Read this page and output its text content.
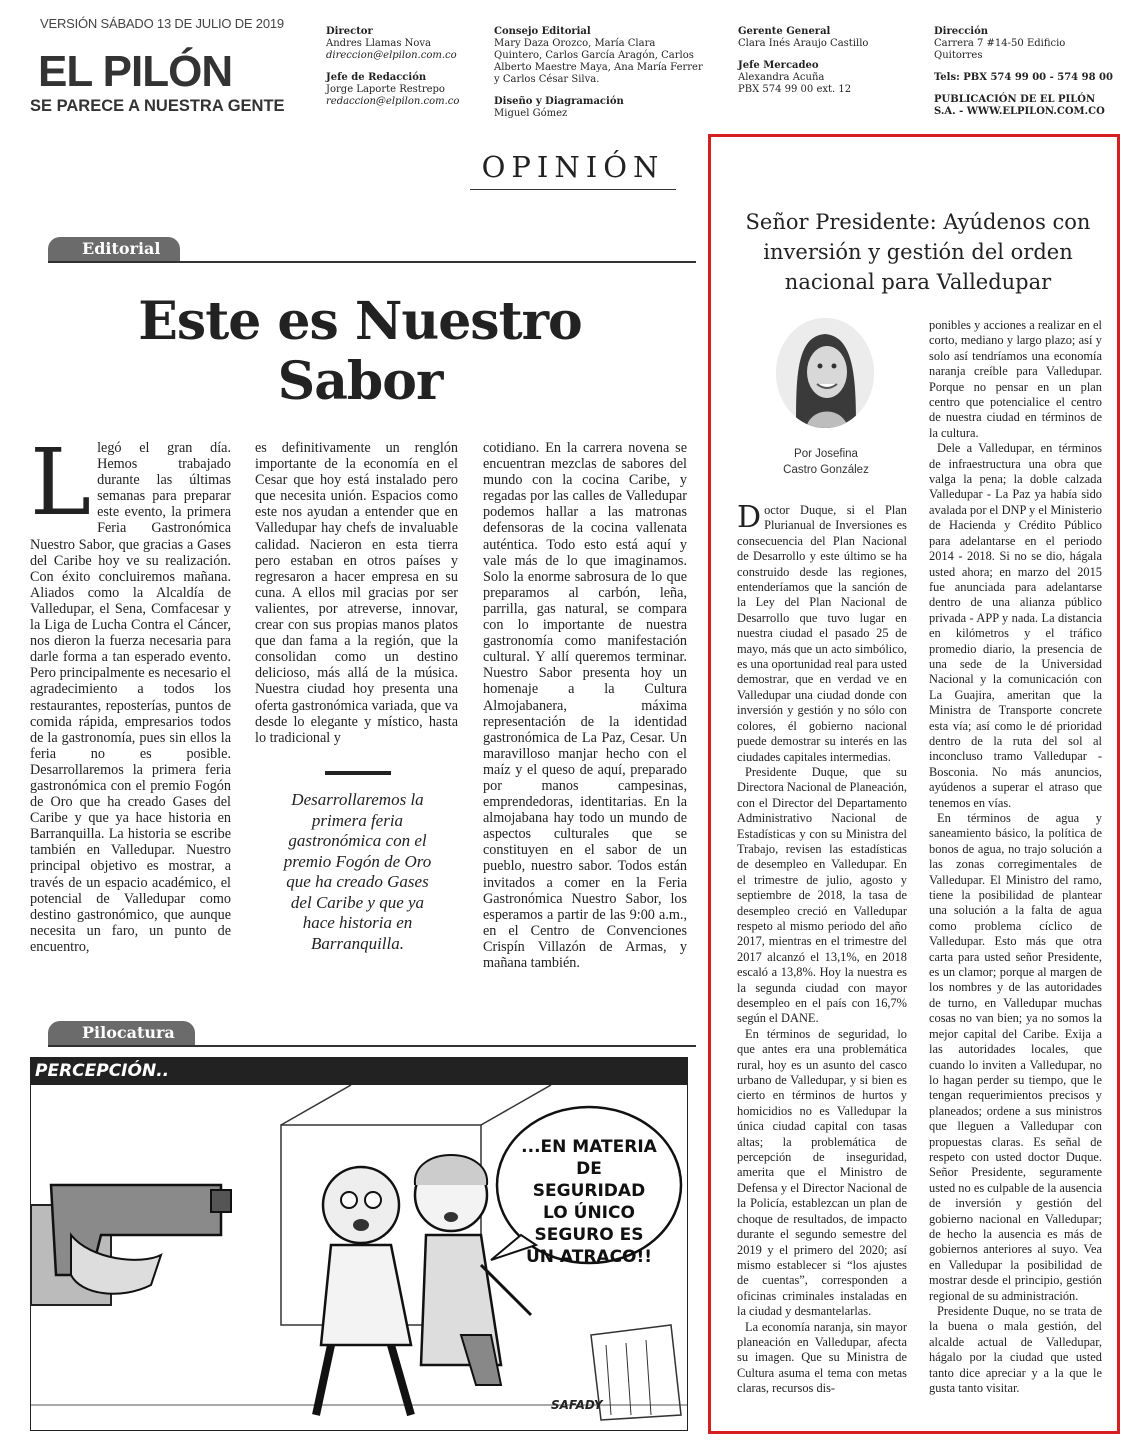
VERSIÓN SÁBADO 13 DE JULIO DE 2019
EL PILÓN
SE PARECE A NUESTRA GENTE
Director
Andres Llamas Nova
direccion@elpilon.com.co
Jefe de Redacción
Jorge Laporte Restrepo
redaccion@elpilon.com.co
Consejo Editorial
Mary Daza Orozco, María Clara Quintero, Carlos García Aragón, Carlos Alberto Maestre Maya, Ana María Ferrer y Carlos César Silva.
Diseño y Diagramación
Miguel Gómez
Gerente General
Clara Inés Araujo Castillo
Jefe Mercadeo
Alexandra Acuña
PBX 574 99 00 ext. 12
Dirección
Carrera 7 #14-50 Edificio Quitorres
Tels: PBX 574 99 00 - 574 98 00
PUBLICACIÓN DE EL PILÓN S.A. - WWW.ELPILON.COM.CO
OPINIÓN
Editorial
Este es Nuestro Sabor
Llegó el gran día. Hemos trabajado durante las últimas semanas para preparar este evento, la primera Feria Gastronómica Nuestro Sabor, que gracias a Gases del Caribe hoy ve su realización. Con éxito concluiremos mañana. Aliados como la Alcaldía de Valledupar, el Sena, Comfacesar y la Liga de Lucha Contra el Cáncer, nos dieron la fuerza necesaria para darle forma a tan esperado evento. Pero principalmente es necesario el agradecimiento a todos los restaurantes, reposterías, puntos de comida rápida, empresarios todos de la gastronomía, pues sin ellos la feria no es posible. Desarrollaremos la primera feria gastronómica con el premio Fogón de Oro que ha creado Gases del Caribe y que ya hace historia en Barranquilla. La historia se escribe también en Valledupar. Nuestro principal objetivo es mostrar, a través de un espacio académico, el potencial de Valledupar como destino gastronómico, que aunque necesita un faro, un punto de encuentro,
es definitivamente un renglón importante de la economía en el Cesar que hoy está instalado pero que necesita unión. Espacios como este nos ayudan a entender que en Valledupar hay chefs de invaluable calidad. Nacieron en esta tierra pero estaban en otros países y regresaron a hacer empresa en su cuna. A ellos mil gracias por ser valientes, por atreverse, innovar, crear con sus propias manos platos que dan fama a la región, que la consolidan como un destino delicioso, más allá de la música. Nuestra ciudad hoy presenta una oferta gastronómica variada, que va desde lo elegante y místico, hasta lo tradicional y
Desarrollaremos la primera feria gastronómica con el premio Fogón de Oro que ha creado Gases del Caribe y que ya hace historia en Barranquilla.
cotidiano. En la carrera novena se encuentran mezclas de sabores del mundo con la cocina Caribe, y regadas por las calles de Valledupar podemos hallar a las matronas defensoras de la cocina vallenata auténtica. Todo esto está aquí y vale más de lo que imaginamos. Solo la enorme sabrosura de lo que preparamos al carbón, leña, parrilla, gas natural, se compara con lo importante de nuestra gastronomía como manifestación cultural. Y allí queremos terminar. Nuestro Sabor presenta hoy un homenaje a la Cultura Almojabanera, máxima representación de la identidad gastronómica de La Paz, Cesar. Un maravilloso manjar hecho con el maíz y el queso de aquí, preparado por manos campesinas, emprendedoras, identitarias. En la almojabana hay todo un mundo de aspectos culturales que se constituyen en el sabor de un pueblo, nuestro sabor. Todos están invitados a comer en la Feria Gastronómica Nuestro Sabor, los esperamos a partir de las 9:00 a.m., en el Centro de Convenciones Crispín Villazón de Armas, y mañana también.
Pilocatura
PERCEPCIÓN..
...EN MATERIA DE SEGURIDAD LO ÚNICO SEGURO ES UN ATRACO!!
SAFADY
Señor Presidente: Ayúdenos con inversión y gestión del orden nacional para Valledupar
Por Josefina
Castro González

Doctor Duque, si el Plan Plurianual de Inversiones es consecuencia del Plan Nacional de Desarrollo y este último se ha construido desde las regiones, entenderíamos que la sanción de la Ley del Plan Nacional de Desarrollo que tuvo lugar en nuestra ciudad el pasado 25 de mayo, más que un acto simbólico, es una oportunidad real para usted demostrar, que en verdad ve en Valledupar una ciudad donde con inversión y gestión y no sólo con colores, él gobierno nacional puede demostrar su interés en las ciudades capitales intermedias.

Presidente Duque, que su Directora Nacional de Planeación, con el Director del Departamento Administrativo Nacional de Estadísticas y con su Ministra del Trabajo, revisen las estadísticas de desempleo en Valledupar. En el trimestre de julio, agosto y septiembre de 2018, la tasa de desempleo creció en Valledupar respeto al mismo periodo del año 2017, mientras en el trimestre del 2017 alcanzó el 13,1%, en 2018 escaló a 13,8%. Hoy la nuestra es la segunda ciudad con mayor desempleo en el país con 16,7% según el DANE.

En términos de seguridad, lo que antes era una problemática rural, hoy es un asunto del casco urbano de Valledupar, y si bien es cierto en términos de hurtos y homicidios no es Valledupar la única ciudad capital con tasas altas; la problemática de percepción de inseguridad, amerita que el Ministro de Defensa y el Director Nacional de la Policía, establezcan un plan de choque de resultados, de impacto durante el segundo semestre del 2019 y el primero del 2020; así mismo establecer si “los ajustes de cuentas”, corresponden a oficinas criminales instaladas en la ciudad y desmantelarlas.

La economía naranja, sin mayor planeación en Valledupar, afecta su imagen. Que su Ministra de Cultura asuma el tema con metas claras, recursos dis-

ponibles y acciones a realizar en el corto, mediano y largo plazo; así y solo así tendríamos una economía naranja creíble para Valledupar. Porque no pensar en un plan centro que potencialice el centro de nuestra ciudad en términos de la cultura.

Dele a Valledupar, en términos de infraestructura una obra que valga la pena; la doble calzada Valledupar - La Paz ya había sido avalada por el DNP y el Ministerio de Hacienda y Crédito Público para adelantarse en el periodo 2014 - 2018. Si no se dio, hágala usted ahora; en marzo del 2015 fue anunciada para adelantarse dentro de una alianza público privada - APP y nada. La distancia en kilómetros y el tráfico promedio diario, la presencia de una sede de la Universidad Nacional y la comunicación con La Guajira, ameritan que la Ministra de Transporte concrete esta vía; así como le dé prioridad dentro de la ruta del sol al inconcluso tramo Valledupar - Bosconia. No más anuncios, ayúdenos a superar el atraso que tenemos en vías.

En términos de agua y saneamiento básico, la política de bonos de agua, no trajo solución a las zonas corregimentales de Valledupar. El Ministro del ramo, tiene la posibilidad de plantear una solución a la falta de agua como problema cíclico de Valledupar. Esto más que otra carta para usted señor Presidente, es un clamor; porque al margen de los nombres y de las autoridades de turno, en Valledupar muchas cosas no van bien; ya no somos la mejor capital del Caribe. Exija a las autoridades locales, que cuando lo inviten a Valledupar, no lo hagan perder su tiempo, que le tengan requerimientos precisos y planeados; ordene a sus ministros que lleguen a Valledupar con propuestas claras. Es señal de respeto con usted doctor Duque. Señor Presidente, seguramente usted no es culpable de la ausencia de inversión y gestión del gobierno nacional en Valledupar; de hecho la ausencia es más de gobiernos anteriores al suyo. Vea en Valledupar la posibilidad de mostrar desde el principio, gestión regional de su administración.

Presidente Duque, no se trata de la buena o mala gestión, del alcalde actual de Valledupar, hágalo por la ciudad que usted tanto dice apreciar y a la que le gusta tanto visitar.
